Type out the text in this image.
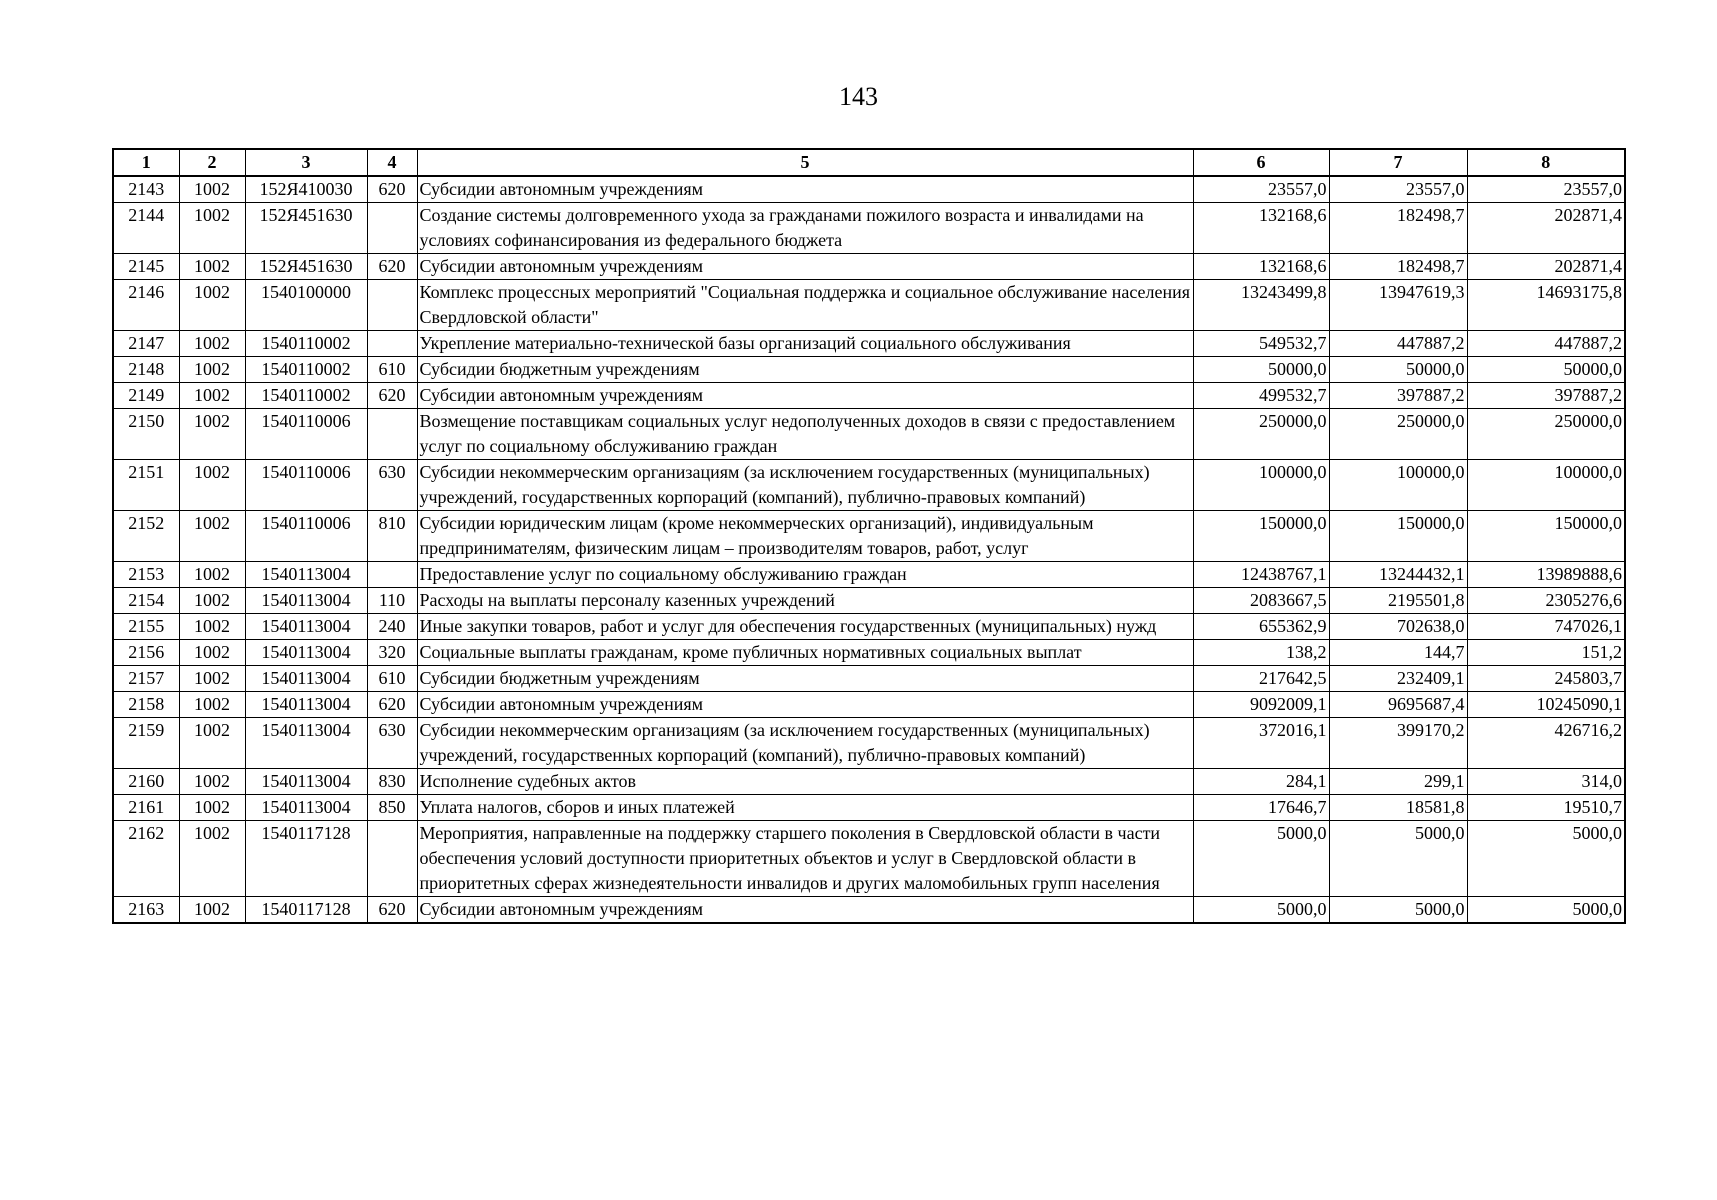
143
1	2	3	4	5	6	7	8
2143	1002	152Я410030	620	Субсидии автономным учреждениям	23557,0	23557,0	23557,0
2144	1002	152Я451630		Создание системы долговременного ухода за гражданами пожилого возраста и инвалидами на условиях софинансирования из федерального бюджета	132168,6	182498,7	202871,4
2145	1002	152Я451630	620	Субсидии автономным учреждениям	132168,6	182498,7	202871,4
2146	1002	1540100000		Комплекс процессных мероприятий "Социальная поддержка и социальное обслуживание населения Свердловской области"	13243499,8	13947619,3	14693175,8
2147	1002	1540110002		Укрепление материально-технической базы организаций социального обслуживания	549532,7	447887,2	447887,2
2148	1002	1540110002	610	Субсидии бюджетным учреждениям	50000,0	50000,0	50000,0
2149	1002	1540110002	620	Субсидии автономным учреждениям	499532,7	397887,2	397887,2
2150	1002	1540110006		Возмещение поставщикам социальных услуг недополученных доходов в связи с предоставлением услуг по социальному обслуживанию граждан	250000,0	250000,0	250000,0
2151	1002	1540110006	630	Субсидии некоммерческим организациям (за исключением государственных (муниципальных) учреждений, государственных корпораций (компаний), публично-правовых компаний)	100000,0	100000,0	100000,0
2152	1002	1540110006	810	Субсидии юридическим лицам (кроме некоммерческих организаций), индивидуальным предпринимателям, физическим лицам – производителям товаров, работ, услуг	150000,0	150000,0	150000,0
2153	1002	1540113004		Предоставление услуг по социальному обслуживанию граждан	12438767,1	13244432,1	13989888,6
2154	1002	1540113004	110	Расходы на выплаты персоналу казенных учреждений	2083667,5	2195501,8	2305276,6
2155	1002	1540113004	240	Иные закупки товаров, работ и услуг для обеспечения государственных (муниципальных) нужд	655362,9	702638,0	747026,1
2156	1002	1540113004	320	Социальные выплаты гражданам, кроме публичных нормативных социальных выплат	138,2	144,7	151,2
2157	1002	1540113004	610	Субсидии бюджетным учреждениям	217642,5	232409,1	245803,7
2158	1002	1540113004	620	Субсидии автономным учреждениям	9092009,1	9695687,4	10245090,1
2159	1002	1540113004	630	Субсидии некоммерческим организациям (за исключением государственных (муниципальных) учреждений, государственных корпораций (компаний), публично-правовых компаний)	372016,1	399170,2	426716,2
2160	1002	1540113004	830	Исполнение судебных актов	284,1	299,1	314,0
2161	1002	1540113004	850	Уплата налогов, сборов и иных платежей	17646,7	18581,8	19510,7
2162	1002	1540117128		Мероприятия, направленные на поддержку старшего поколения в Свердловской области в части обеспечения условий доступности приоритетных объектов и услуг в Свердловской области в приоритетных сферах жизнедеятельности инвалидов и других маломобильных групп населения	5000,0	5000,0	5000,0
2163	1002	1540117128	620	Субсидии автономным учреждениям	5000,0	5000,0	5000,0
